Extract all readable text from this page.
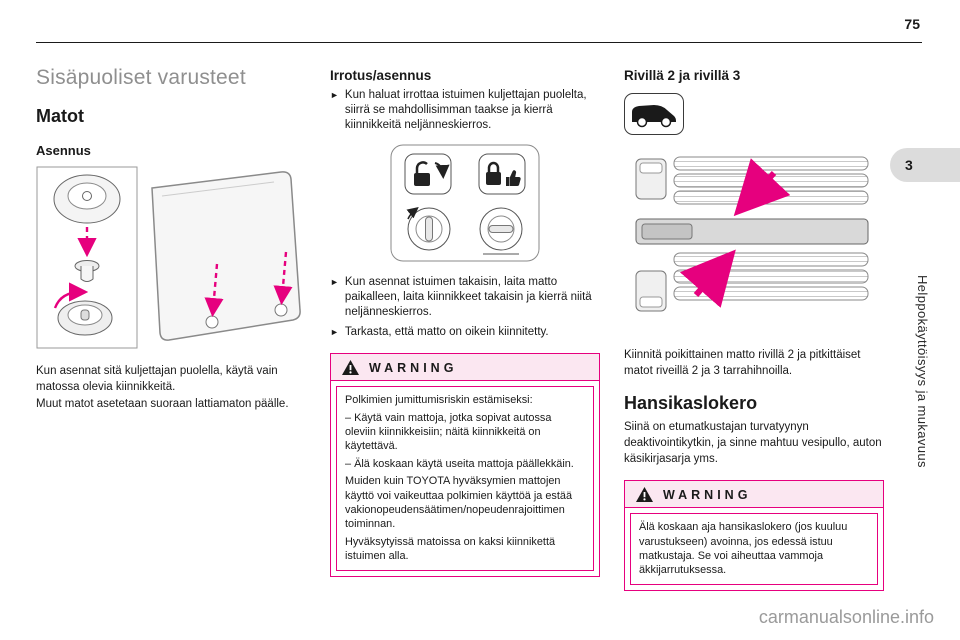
75
Sisäpuoliset varusteet
Matot
Asennus

Kun asennat sitä kuljettajan puolella, käytä vain matossa olevia kiinnikkeitä.

Muut matot asetetaan suoraan lattiamaton päälle.

Irrotus/asennus
► Kun haluat irrottaa istuimen kuljettajan puolelta, siirrä se mahdollisimman taakse ja kierrä kiinnikkeitä neljänneskierros.
► Kun asennat istuimen takaisin, laita matto paikalleen, laita kiinnikkeet takaisin ja kierrä niitä neljänneskierros.
► Tarkasta, että matto on oikein kiinnitetty.
WARNING

Polkimien jumittumisriskin estämiseksi:

– Käytä vain mattoja, jotka sopivat autossa oleviin kiinnikkeisiin; näitä kiinnikkeitä on käytettävä.

– Älä koskaan käytä useita mattoja päällekkäin.

Muiden kuin TOYOTA hyväksymien mattojen käyttö voi vaikeuttaa polkimien käyttöä ja estää vakionopeudensäätimen/nopeudenrajoittimen toiminnan.

Hyväksytyissä matoissa on kaksi kiinnikettä istuimen alla.

Rivillä 2 ja rivillä 3

Kiinnitä poikittainen matto rivillä 2 ja pitkittäiset matot riveillä 2 ja 3 tarrahihnoilla.

Hansikaslokero

Siinä on etumatkustajan turvatyynyn deaktivointikytkin, ja sinne mahtuu vesipullo, auton käsikirjasarja yms.

WARNING

Älä koskaan aja hansikaslokero (jos kuuluu varustukseen) avoinna, jos edessä istuu matkustaja. Se voi aiheuttaa vammoja äkkijarrutuksessa.

3
Helppokäyttöisyys ja mukavuus
carmanualsonline.info
